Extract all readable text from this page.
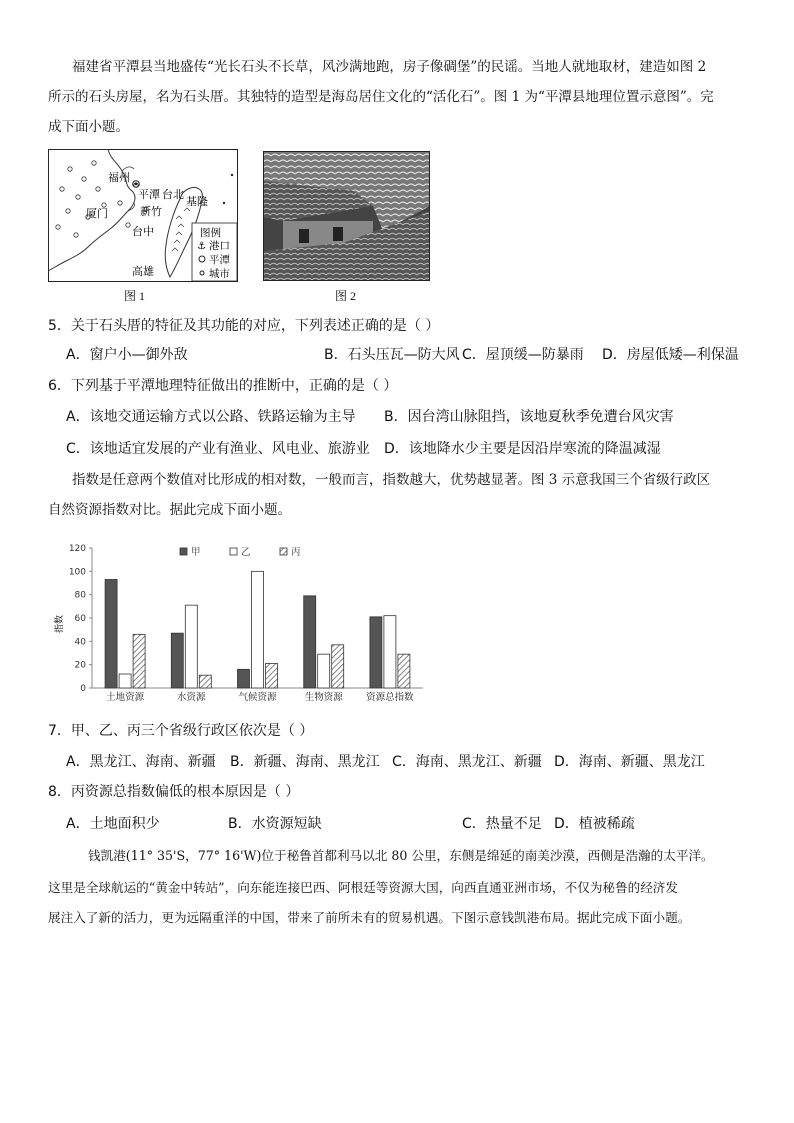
福建省平潭县当地盛传“光长石头不长草，风沙满地跑，房子像碉堡”的民谣。当地人就地取材，建造如图 2
所示的石头房屋，名为石头厝。其独特的造型是海岛居住文化的“活化石”。图 1 为“平潭县地理位置示意图”。完
成下面小题。
福州
平潭 台北
基隆
厦门	新竹
台中
高雄
图例
⚓ 港口
平潭
城市
图 1	图 2
5．关于石头厝的特征及其功能的对应，下列表述正确的是（ ）
A．窗户小—御外敌	B．石头压瓦—防大风 C．屋顶缓—防暴雨 D．房屋低矮—利保温
6．下列基于平潭地理特征做出的推断中，正确的是（ ）
A．该地交通运输方式以公路、铁路运输为主导 B．因台湾山脉阻挡，该地夏秋季免遭台风灾害
C．该地适宜发展的产业有渔业、风电业、旅游业 D．该地降水少主要是因沿岸寒流的降温减湿
指数是任意两个数值对比形成的相对数，一般而言，指数越大，优势越显著。图 3 示意我国三个省级行政区
自然资源指数对比。据此完成下面小题。
0
20
40
60
80
100
120
土地资源	水资源	气候资源	生物资源 资源总指数
甲	乙	丙
指数
7．甲、乙、丙三个省级行政区依次是（ ）
A．黑龙江、海南、新疆 B．新疆、海南、黑龙江 C．海南、黑龙江、新疆 D．海南、新疆、黑龙江
8．丙资源总指数偏低的根本原因是（ ）
A．土地面积少	B．水资源短缺	C．热量不足 D．植被稀疏
钱凯港(11° 35'S，77° 16'W)位于秘鲁首都利马以北 80 公里，东侧是绵延的南美沙漠，西侧是浩瀚的太平洋。
这里是全球航运的“黄金中转站”，向东能连接巴西、阿根廷等资源大国，向西直通亚洲市场，不仅为秘鲁的经济发
展注入了新的活力，更为远隔重洋的中国，带来了前所未有的贸易机遇。下图示意钱凯港布局。据此完成下面小题。
